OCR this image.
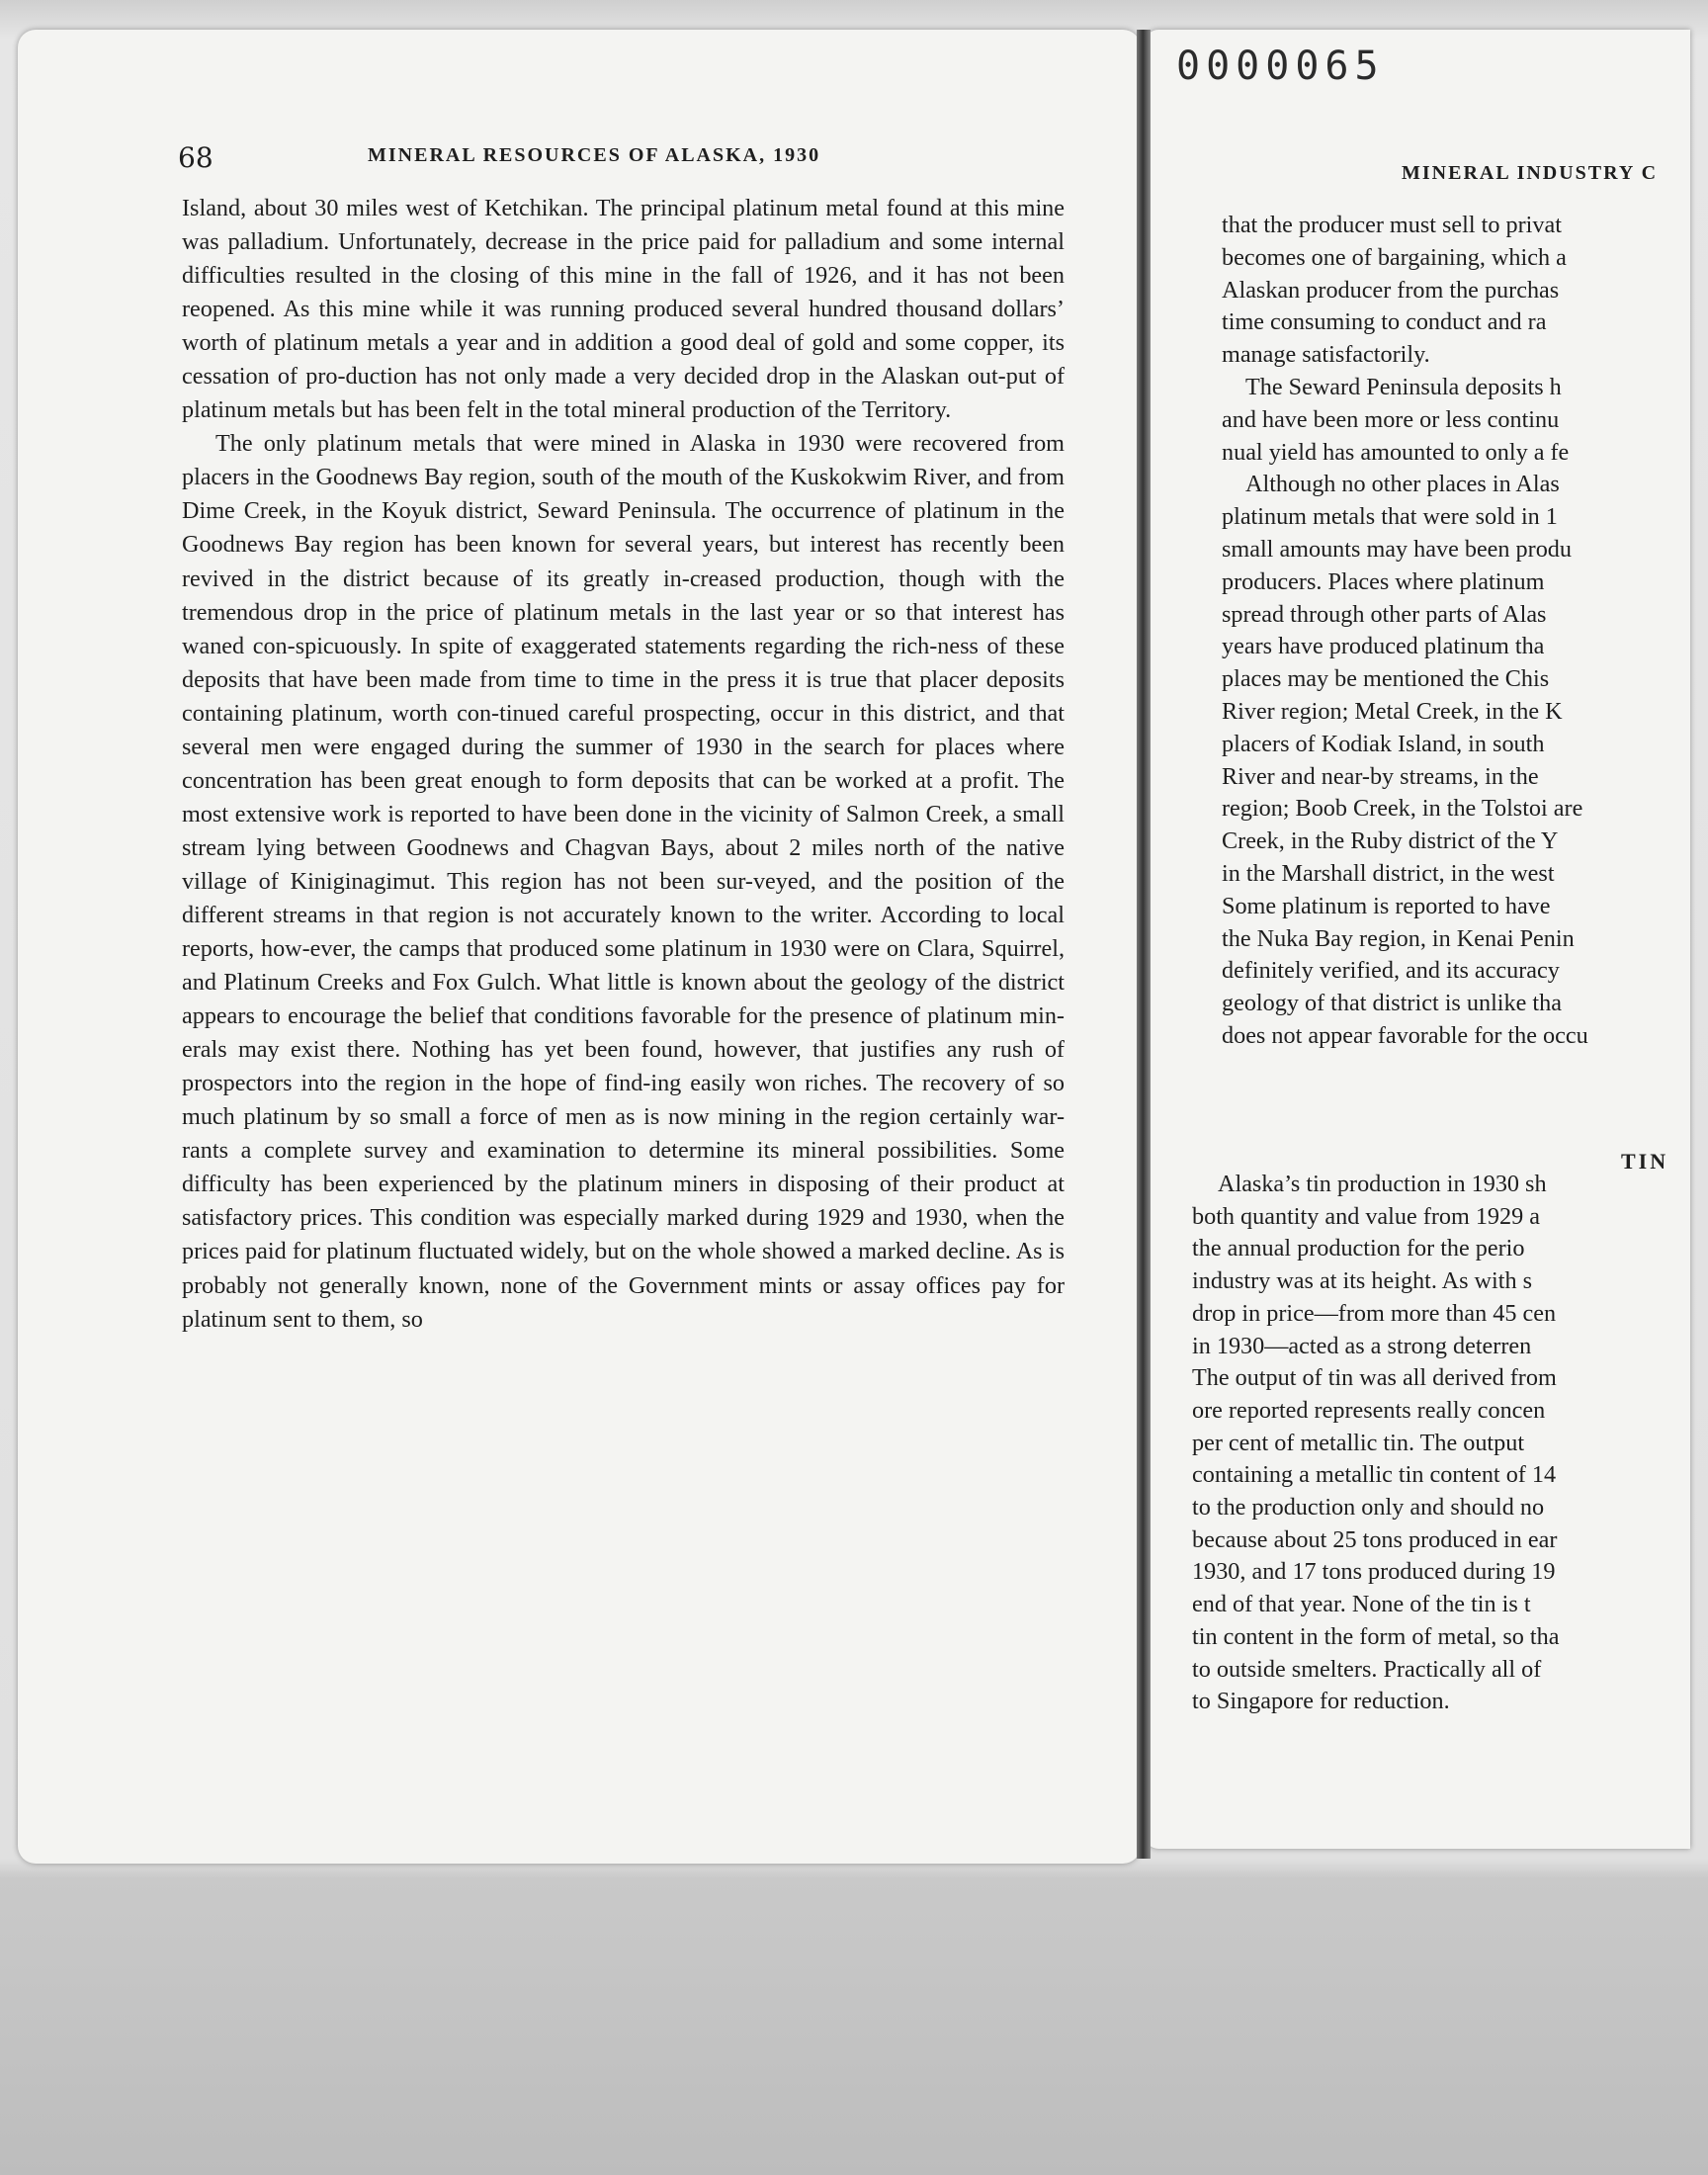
0000065
68	MINERAL RESOURCES OF ALASKA, 1930
MINERAL INDUSTRY C

Island, about 30 miles west of Ketchikan. The principal platinum metal found at this mine was palladium. Unfortunately, decrease in the price paid for palladium and some internal difficulties resulted in the closing of this mine in the fall of 1926, and it has not been reopened. As this mine while it was running produced several hundred thousand dollars’ worth of platinum metals a year and in addition a good deal of gold and some copper, its cessation of pro-duction has not only made a very decided drop in the Alaskan out-put of platinum metals but has been felt in the total mineral production of the Territory.

The only platinum metals that were mined in Alaska in 1930 were recovered from placers in the Goodnews Bay region, south of the mouth of the Kuskokwim River, and from Dime Creek, in the Koyuk district, Seward Peninsula. The occurrence of platinum in the Goodnews Bay region has been known for several years, but interest has recently been revived in the district because of its greatly in-creased production, though with the tremendous drop in the price of platinum metals in the last year or so that interest has waned con-spicuously. In spite of exaggerated statements regarding the rich-ness of these deposits that have been made from time to time in the press it is true that placer deposits containing platinum, worth con-tinued careful prospecting, occur in this district, and that several men were engaged during the summer of 1930 in the search for places where concentration has been great enough to form deposits that can be worked at a profit. The most extensive work is reported to have been done in the vicinity of Salmon Creek, a small stream lying between Goodnews and Chagvan Bays, about 2 miles north of the native village of Kiniginagimut. This region has not been sur-veyed, and the position of the different streams in that region is not accurately known to the writer. According to local reports, how-ever, the camps that produced some platinum in 1930 were on Clara, Squirrel, and Platinum Creeks and Fox Gulch. What little is known about the geology of the district appears to encourage the belief that conditions favorable for the presence of platinum min-erals may exist there. Nothing has yet been found, however, that justifies any rush of prospectors into the region in the hope of find-ing easily won riches. The recovery of so much platinum by so small a force of men as is now mining in the region certainly war-rants a complete survey and examination to determine its mineral possibilities. Some difficulty has been experienced by the platinum miners in disposing of their product at satisfactory prices. This condition was especially marked during 1929 and 1930, when the prices paid for platinum fluctuated widely, but on the whole showed a marked decline. As is probably not generally known, none of the Government mints or assay offices pay for platinum sent to them, so

that the producer must sell to privat
becomes one of bargaining, which a
Alaskan producer from the purchas
time consuming to conduct and ra
manage satisfactorily.
The Seward Peninsula deposits h
and have been more or less continu
nual yield has amounted to only a fe
Although no other places in Alas
platinum metals that were sold in 1
small amounts may have been produ
producers. Places where platinum
spread through other parts of Alas
years have produced platinum tha
places may be mentioned the Chis
River region; Metal Creek, in the K
placers of Kodiak Island, in south
River and near-by streams, in the
region; Boob Creek, in the Tolstoi are
Creek, in the Ruby district of the Y
in the Marshall district, in the west
Some platinum is reported to have
the Nuka Bay region, in Kenai Penin
definitely verified, and its accuracy
geology of that district is unlike tha
does not appear favorable for the occu
TIN
Alaska’s tin production in 1930 sh
both quantity and value from 1929 a
the annual production for the perio
industry was at its height. As with s
drop in price—from more than 45 cen
in 1930—acted as a strong deterren
The output of tin was all derived from
ore reported represents really concen
per cent of metallic tin. The output
containing a metallic tin content of 14
to the production only and should no
because about 25 tons produced in ear
1930, and 17 tons produced during 19
end of that year. None of the tin is t
tin content in the form of metal, so tha
to outside smelters. Practically all of
to Singapore for reduction.
